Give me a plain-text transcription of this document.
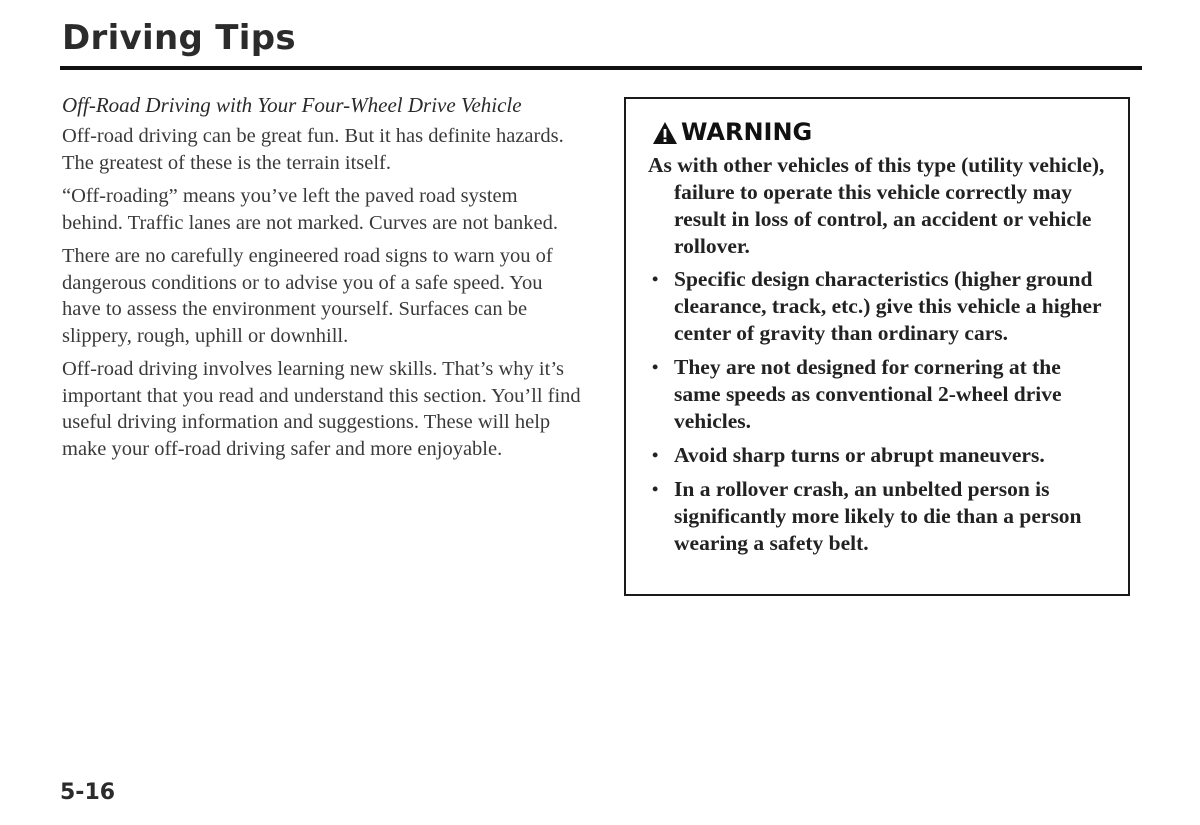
Driving Tips
Off-Road Driving with Your Four-Wheel Drive Vehicle

Off-road driving can be great fun. But it has definite hazards. The greatest of these is the terrain itself.

“Off-roading” means you’ve left the paved road system behind. Traffic lanes are not marked. Curves are not banked.

There are no carefully engineered road signs to warn you of dangerous conditions or to advise you of a safe speed. You have to assess the environment yourself. Surfaces can be slippery, rough, uphill or downhill.

Off-road driving involves learning new skills. That’s why it’s important that you read and understand this section. You’ll find useful driving information and suggestions. These will help make your off-road driving safer and more enjoyable.

WARNING
As with other vehicles of this type (utility vehicle), failure to operate this vehicle correctly may result in loss of control, an accident or vehicle rollover.
• Specific design characteristics (higher ground clearance, track, etc.) give this vehicle a higher center of gravity than ordinary cars.
• They are not designed for cornering at the same speeds as conventional 2-wheel drive vehicles.
• Avoid sharp turns or abrupt maneuvers.
• In a rollover crash, an unbelted person is significantly more likely to die than a person wearing a safety belt.
5-16
